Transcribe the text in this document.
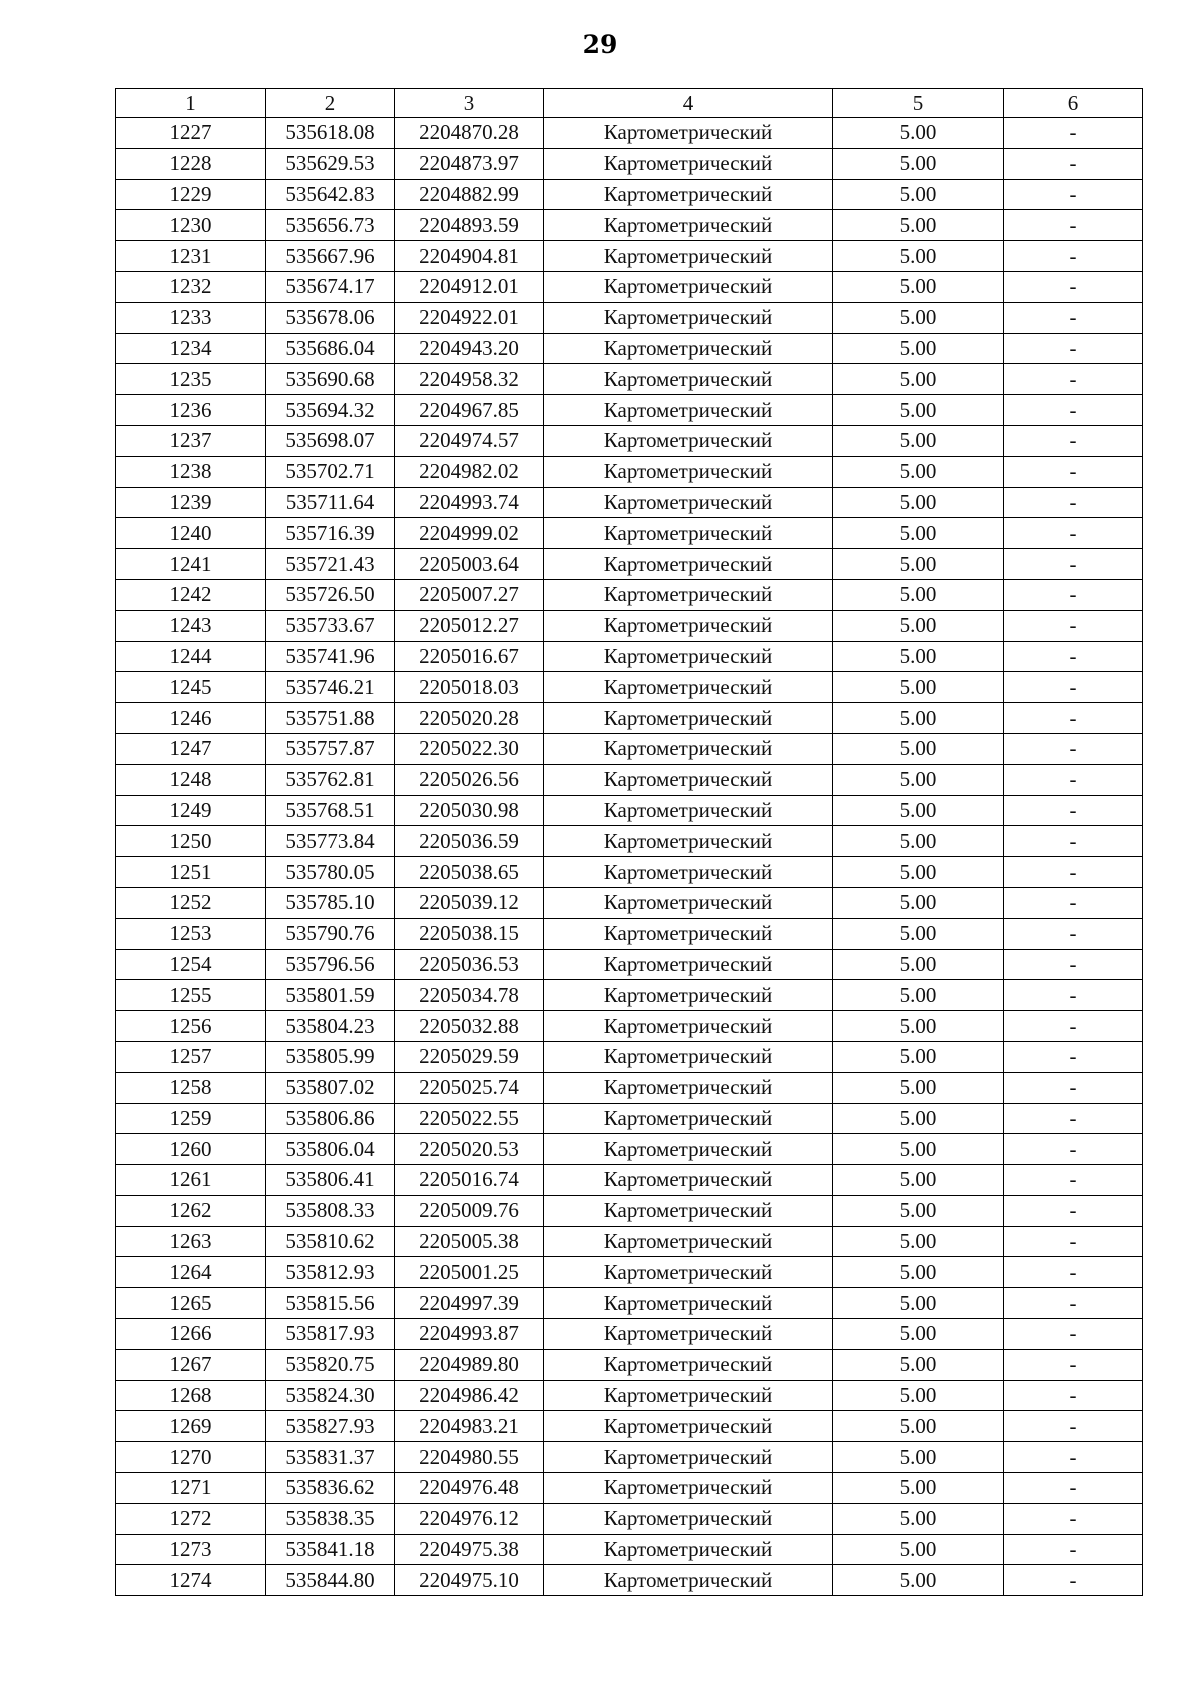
29
1	2	3	4	5	6
1227	535618.08	2204870.28	Картометрический	5.00	-
1228	535629.53	2204873.97	Картометрический	5.00	-
1229	535642.83	2204882.99	Картометрический	5.00	-
1230	535656.73	2204893.59	Картометрический	5.00	-
1231	535667.96	2204904.81	Картометрический	5.00	-
1232	535674.17	2204912.01	Картометрический	5.00	-
1233	535678.06	2204922.01	Картометрический	5.00	-
1234	535686.04	2204943.20	Картометрический	5.00	-
1235	535690.68	2204958.32	Картометрический	5.00	-
1236	535694.32	2204967.85	Картометрический	5.00	-
1237	535698.07	2204974.57	Картометрический	5.00	-
1238	535702.71	2204982.02	Картометрический	5.00	-
1239	535711.64	2204993.74	Картометрический	5.00	-
1240	535716.39	2204999.02	Картометрический	5.00	-
1241	535721.43	2205003.64	Картометрический	5.00	-
1242	535726.50	2205007.27	Картометрический	5.00	-
1243	535733.67	2205012.27	Картометрический	5.00	-
1244	535741.96	2205016.67	Картометрический	5.00	-
1245	535746.21	2205018.03	Картометрический	5.00	-
1246	535751.88	2205020.28	Картометрический	5.00	-
1247	535757.87	2205022.30	Картометрический	5.00	-
1248	535762.81	2205026.56	Картометрический	5.00	-
1249	535768.51	2205030.98	Картометрический	5.00	-
1250	535773.84	2205036.59	Картометрический	5.00	-
1251	535780.05	2205038.65	Картометрический	5.00	-
1252	535785.10	2205039.12	Картометрический	5.00	-
1253	535790.76	2205038.15	Картометрический	5.00	-
1254	535796.56	2205036.53	Картометрический	5.00	-
1255	535801.59	2205034.78	Картометрический	5.00	-
1256	535804.23	2205032.88	Картометрический	5.00	-
1257	535805.99	2205029.59	Картометрический	5.00	-
1258	535807.02	2205025.74	Картометрический	5.00	-
1259	535806.86	2205022.55	Картометрический	5.00	-
1260	535806.04	2205020.53	Картометрический	5.00	-
1261	535806.41	2205016.74	Картометрический	5.00	-
1262	535808.33	2205009.76	Картометрический	5.00	-
1263	535810.62	2205005.38	Картометрический	5.00	-
1264	535812.93	2205001.25	Картометрический	5.00	-
1265	535815.56	2204997.39	Картометрический	5.00	-
1266	535817.93	2204993.87	Картометрический	5.00	-
1267	535820.75	2204989.80	Картометрический	5.00	-
1268	535824.30	2204986.42	Картометрический	5.00	-
1269	535827.93	2204983.21	Картометрический	5.00	-
1270	535831.37	2204980.55	Картометрический	5.00	-
1271	535836.62	2204976.48	Картометрический	5.00	-
1272	535838.35	2204976.12	Картометрический	5.00	-
1273	535841.18	2204975.38	Картометрический	5.00	-
1274	535844.80	2204975.10	Картометрический	5.00	-
